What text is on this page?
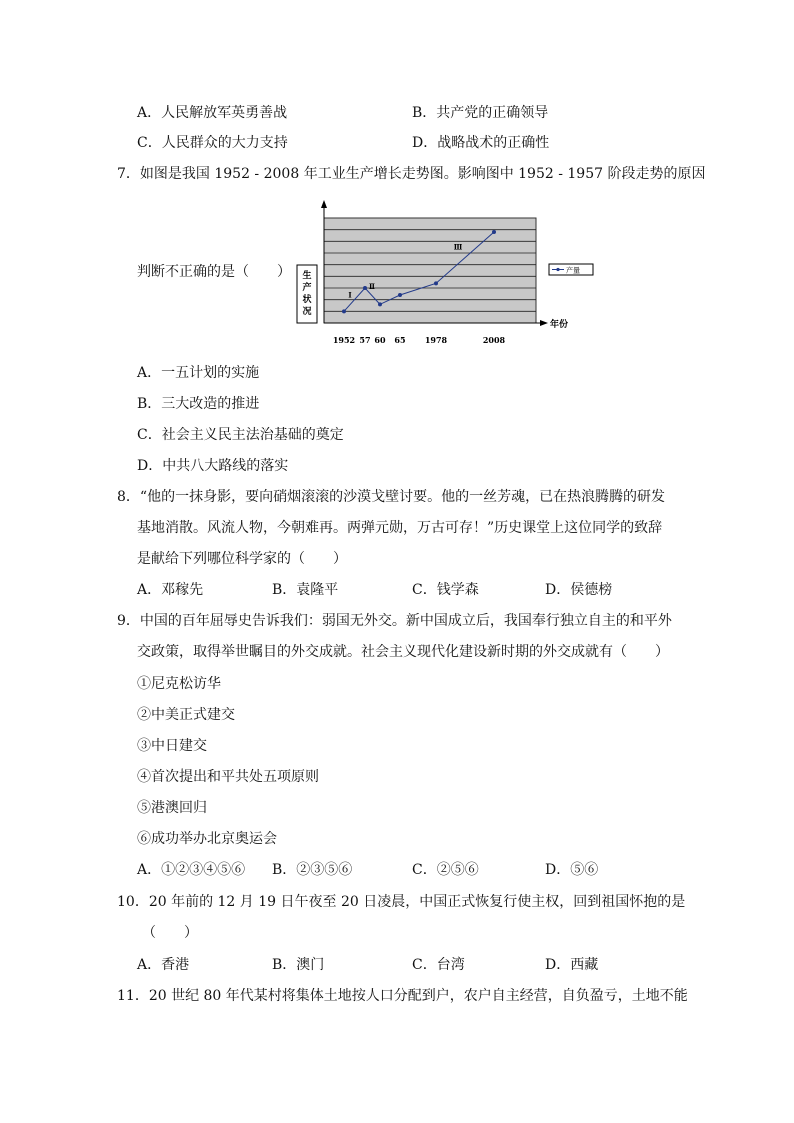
A．人民解放军英勇善战	B．共产党的正确领导
C．人民群众的大力支持	D．战略战术的正确性
7．如图是我国 1952 - 2008 年工业生产增长走势图。影响图中 1952 - 1957 阶段走势的原因
判断不正确的是（　　） 生
产
状
况
年份
1952 57 60 65 1978	2008
Ⅰ
Ⅱ
Ⅲ
产量
A．一五计划的实施
B．三大改造的推进
C．社会主义民主法治基础的奠定
D．中共八大路线的落实
8．“他的一抹身影，要向硝烟滚滚的沙漠戈壁讨要。他的一丝芳魂，已在热浪腾腾的研发
基地消散。风流人物，今朝难再。两弹元勋，万古可存！”历史课堂上这位同学的致辞
是献给下列哪位科学家的（　　）
A．邓稼先	B．袁隆平	C．钱学森	D．侯德榜
9．中国的百年屈辱史告诉我们：弱国无外交。新中国成立后，我国奉行独立自主的和平外
交政策，取得举世瞩目的外交成就。社会主义现代化建设新时期的外交成就有（　　）
①尼克松访华
②中美正式建交
③中日建交
④首次提出和平共处五项原则
⑤港澳回归
⑥成功举办北京奥运会
A．①②③④⑤⑥ B．②③⑤⑥	C．②⑤⑥	D．⑤⑥
10．20 年前的 12 月 19 日午夜至 20 日凌晨，中国正式恢复行使主权，回到祖国怀抱的是
（　　）
A．香港	B．澳门	C．台湾	D．西藏
11．20 世纪 80 年代某村将集体土地按人口分配到户，农户自主经营，自负盈亏，土地不能
